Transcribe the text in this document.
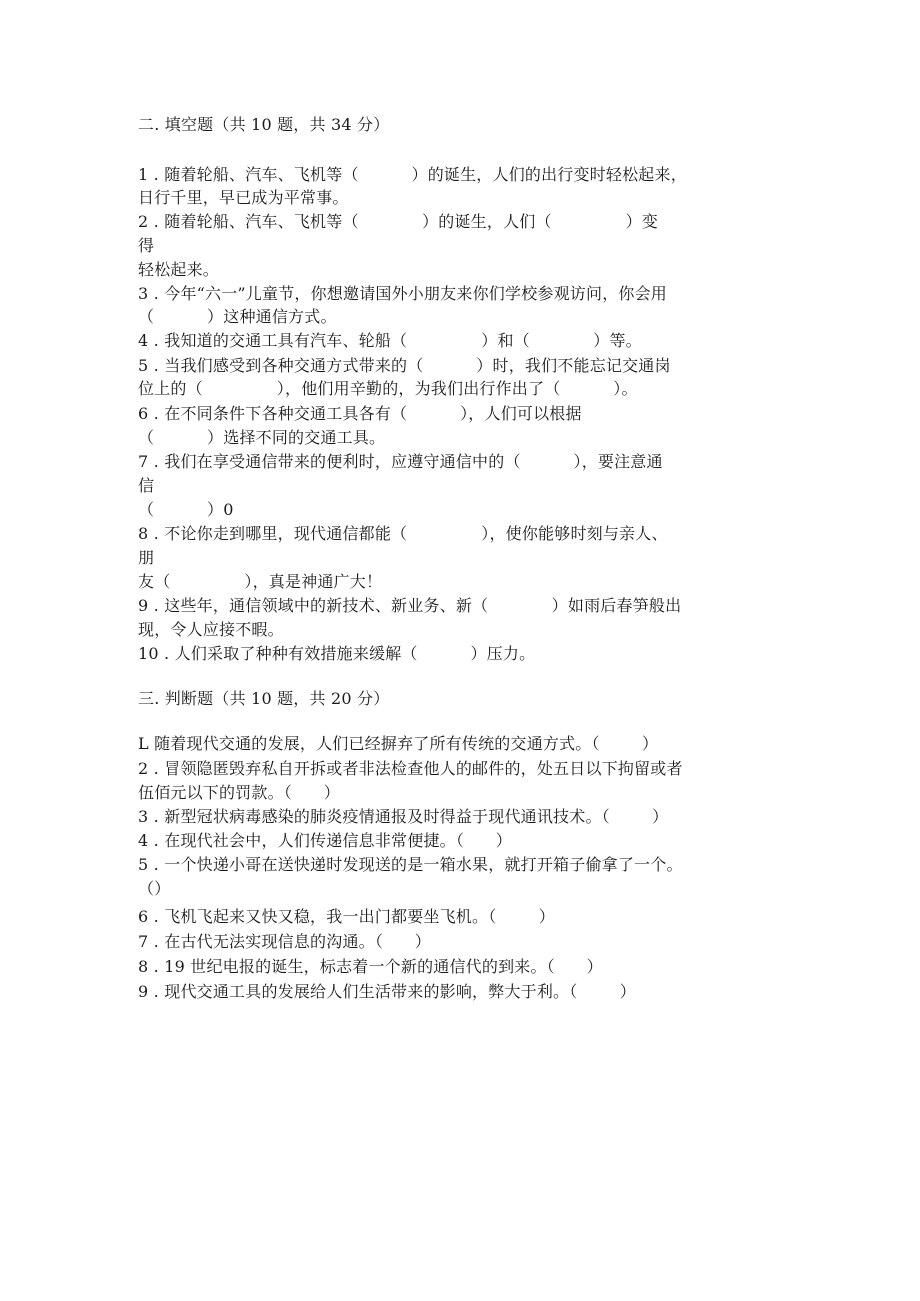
二. 填空题（共 10 题，共 34 分）
1 . 随着轮船、汽车、飞机等（          ）的诞生，人们的出行变时轻松起来，
日行千里，早已成为平常事。
2 . 随着轮船、汽车、飞机等（            ）的诞生，人们（              ）变
得
轻松起来。
3 . 今年“六一”儿童节，你想邀请国外小朋友来你们学校参观访问，你会用
（          ）这种通信方式。
4 . 我知道的交通工具有汽车、轮船（              ）和（            ）等。
5 . 当我们感受到各种交通方式带来的（          ）时，我们不能忘记交通岗
位上的（              ），他们用辛勤的，为我们出行作出了（          ）。
6 . 在不同条件下各种交通工具各有（          ），人们可以根据
（          ）选择不同的交通工具。
7 . 我们在享受通信带来的便利时，应遵守通信中的（          ），要注意通
信
（          ）0
8 . 不论你走到哪里，现代通信都能（              ），使你能够时刻与亲人、
朋
友（              ），真是神通广大！
9 . 这些年，通信领域中的新技术、新业务、新（            ）如雨后春笋般出
现，令人应接不暇。
10 . 人们采取了种种有效措施来缓解（          ）压力。
三. 判断题（共 10 题，共 20 分）
L 随着现代交通的发展，人们已经摒弃了所有传统的交通方式。（        ）
2 . 冒领隐匿毁弃私自开拆或者非法检查他人的邮件的，处五日以下拘留或者
伍佰元以下的罚款。（      ）
3 . 新型冠状病毒感染的肺炎疫情通报及时得益于现代通讯技术。（        ）
4 . 在现代社会中，人们传递信息非常便捷。（      ）
5 . 一个快递小哥在送快递时发现送的是一箱水果，就打开箱子偷拿了一个。
（）
6 . 飞机飞起来又快又稳，我一出门都要坐飞机。（        ）
7 . 在古代无法实现信息的沟通。（      ）
8 . 19 世纪电报的诞生，标志着一个新的通信代的到来。（      ）
9 . 现代交通工具的发展给人们生活带来的影响，弊大于利。（        ）
